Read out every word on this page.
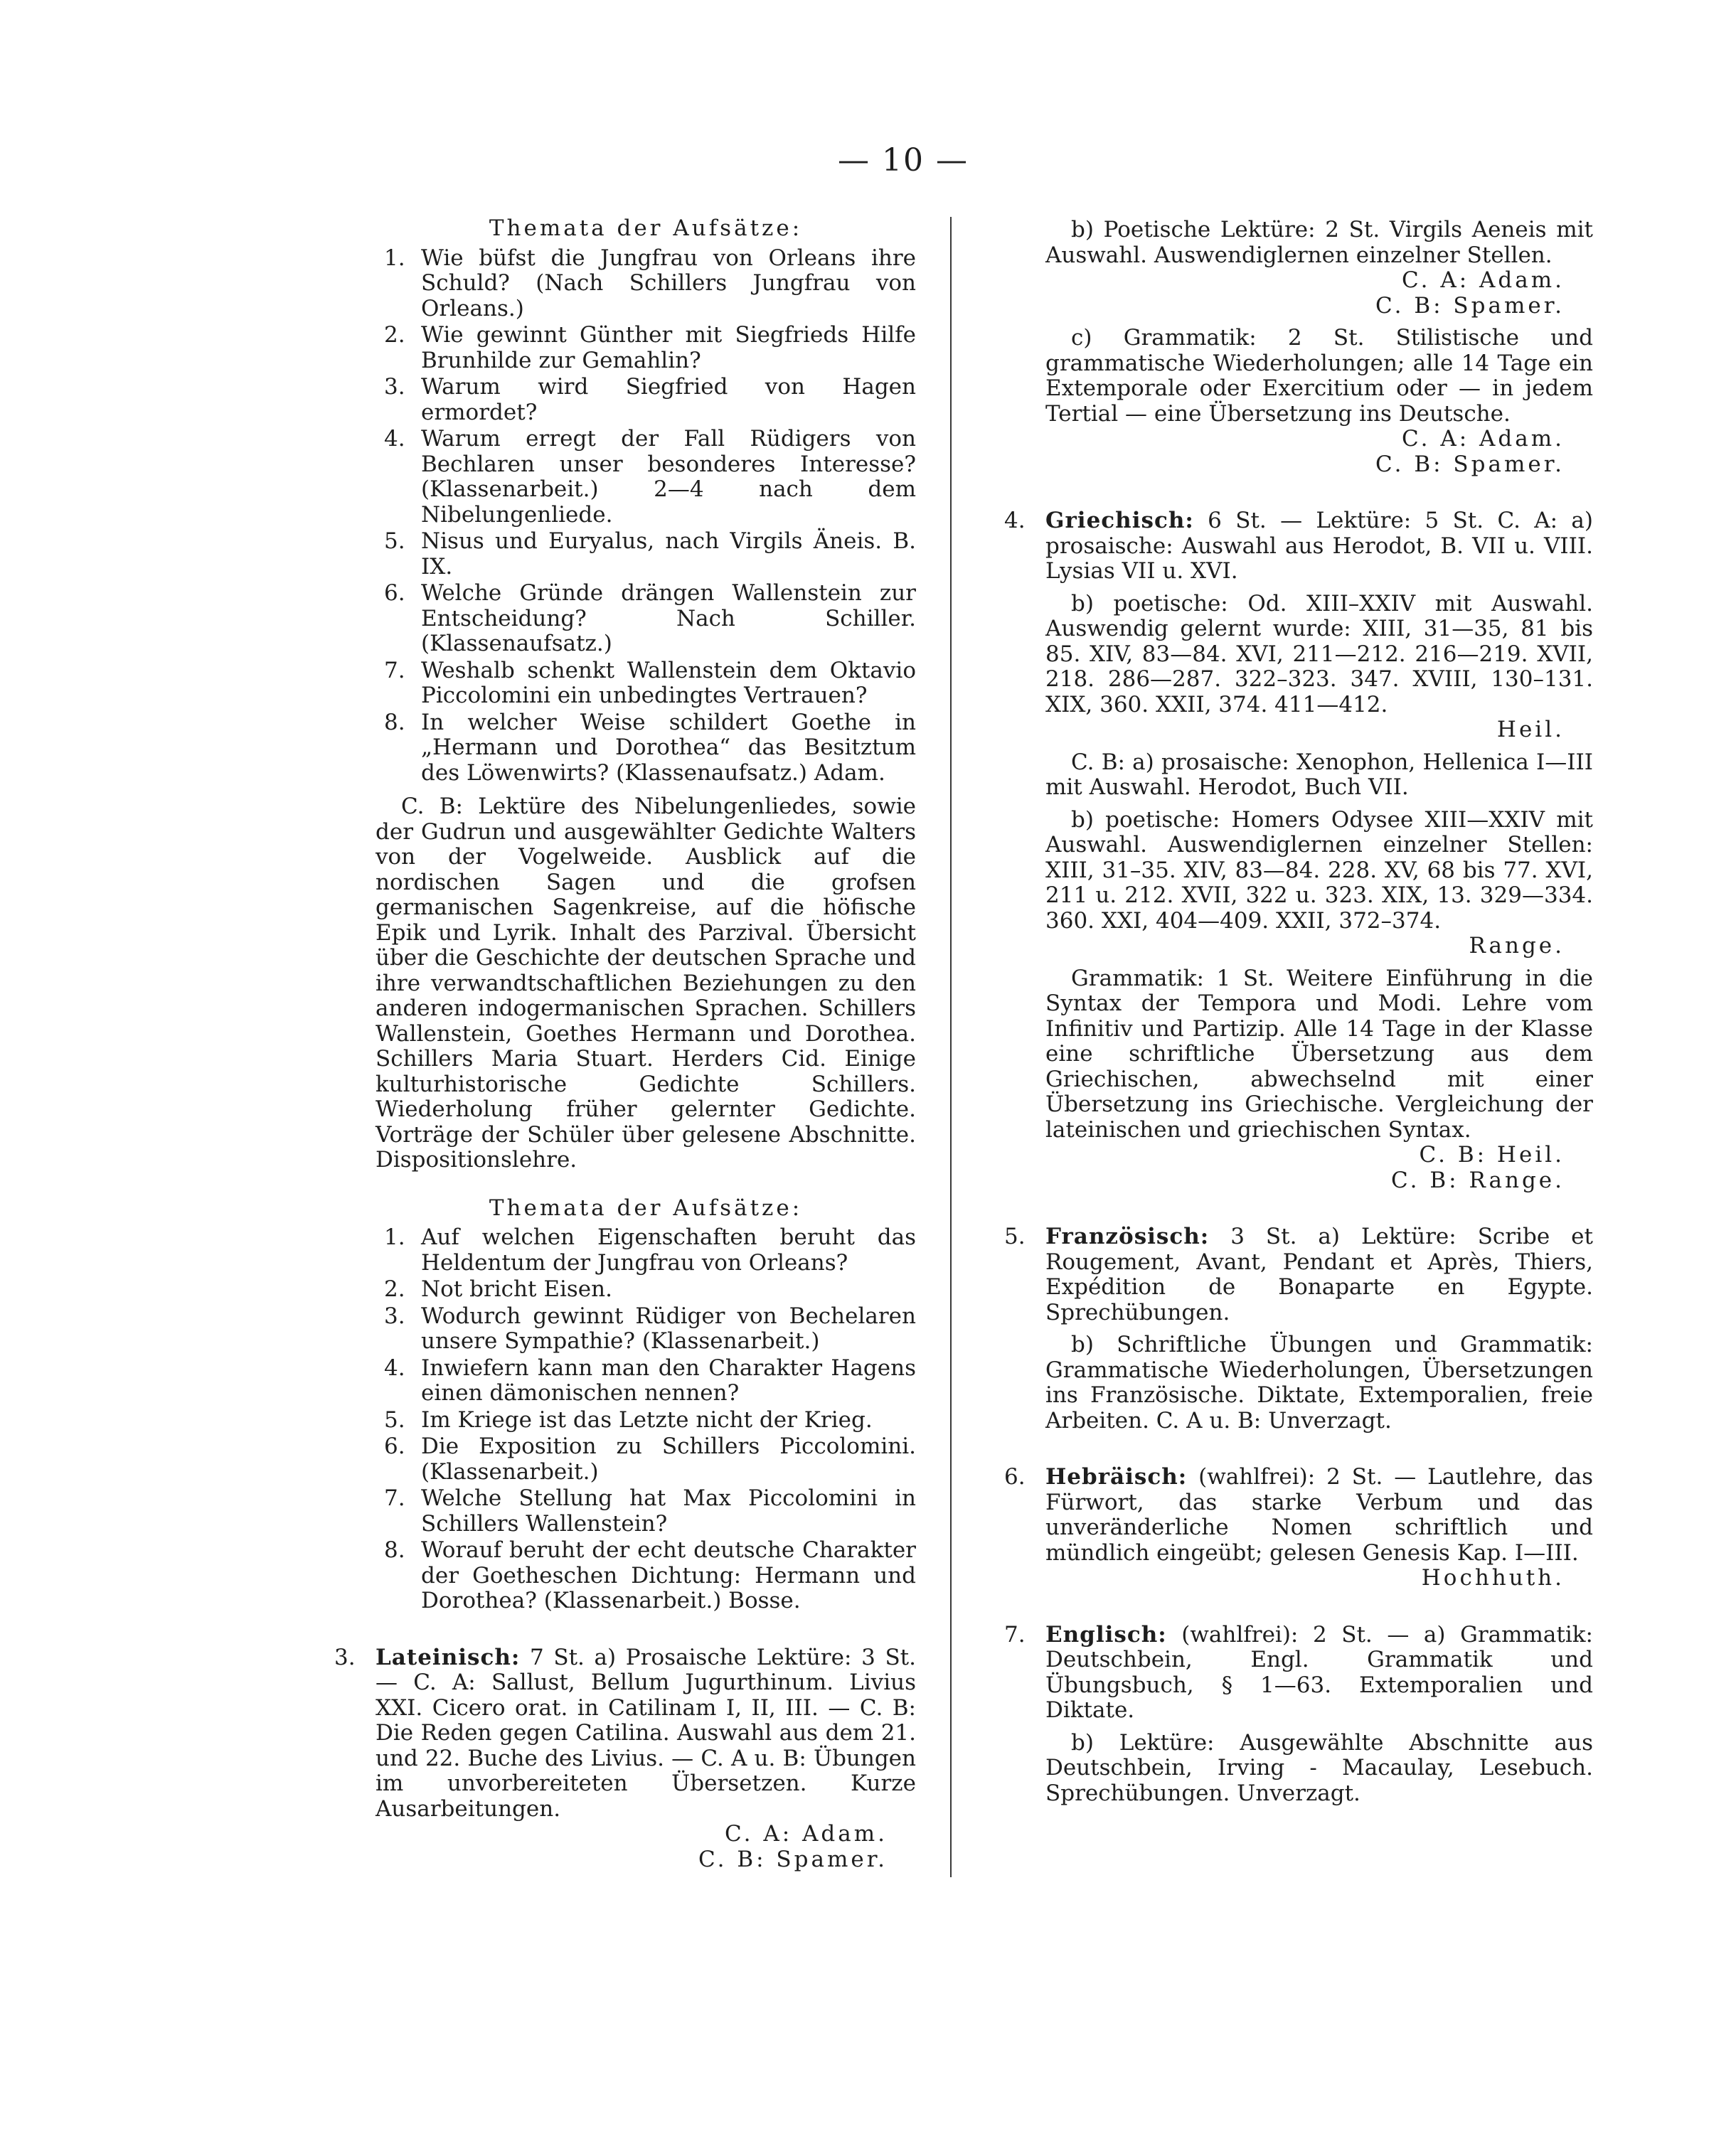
— 10 —
Themata der Aufsätze:
1. Wie büfst die Jungfrau von Orleans ihre Schuld? (Nach Schillers Jungfrau von Orleans.)
2. Wie gewinnt Günther mit Siegfrieds Hilfe Brunhilde zur Gemahlin?
3. Warum wird Siegfried von Hagen ermordet?
4. Warum erregt der Fall Rüdigers von Bechlaren unser besonderes Interesse? (Klassenarbeit.) 2—4 nach dem Nibelungenliede.
5. Nisus und Euryalus, nach Virgils Äneis. B. IX.
6. Welche Gründe drängen Wallenstein zur Entscheidung? Nach Schiller. (Klassenaufsatz.)
7. Weshalb schenkt Wallenstein dem Oktavio Piccolomini ein unbedingtes Vertrauen?
8. In welcher Weise schildert Goethe in „Hermann und Dorothea“ das Besitztum des Löwenwirts? (Klassenaufsatz.) Adam.

C. B: Lektüre des Nibelungenliedes, sowie der Gudrun und ausgewählter Gedichte Walters von der Vogelweide. Ausblick auf die nordischen Sagen und die grofsen germanischen Sagenkreise, auf die höfische Epik und Lyrik. Inhalt des Parzival. Übersicht über die Geschichte der deutschen Sprache und ihre verwandtschaftlichen Beziehungen zu den anderen indogermanischen Sprachen. Schillers Wallenstein, Goethes Hermann und Dorothea. Schillers Maria Stuart. Herders Cid. Einige kulturhistorische Gedichte Schillers. Wiederholung früher gelernter Gedichte. Vorträge der Schüler über gelesene Abschnitte. Dispositionslehre.

Themata der Aufsätze:
1. Auf welchen Eigenschaften beruht das Heldentum der Jungfrau von Orleans?
2. Not bricht Eisen.
3. Wodurch gewinnt Rüdiger von Bechelaren unsere Sympathie? (Klassenarbeit.)
4. Inwiefern kann man den Charakter Hagens einen dämonischen nennen?
5. Im Kriege ist das Letzte nicht der Krieg.
6. Die Exposition zu Schillers Piccolomini. (Klassenarbeit.)
7. Welche Stellung hat Max Piccolomini in Schillers Wallenstein?
8. Worauf beruht der echt deutsche Charakter der Goetheschen Dichtung: Hermann und Dorothea? (Klassenarbeit.) Bosse.
3. Lateinisch: 7 St. a) Prosaische Lektüre: 3 St. — C. A: Sallust, Bellum Jugurthinum. Livius XXI. Cicero orat. in Catilinam I, II, III. — C. B: Die Reden gegen Catilina. Auswahl aus dem 21. und 22. Buche des Livius. — C. A u. B: Übungen im unvorbereiteten Übersetzen. Kurze Ausarbeitungen.
C. A: Adam.
C. B: Spamer.

b) Poetische Lektüre: 2 St. Virgils Aeneis mit Auswahl. Auswendiglernen einzelner Stellen.

C. A: Adam.
C. B: Spamer.

c) Grammatik: 2 St. Stilistische und grammatische Wiederholungen; alle 14 Tage ein Extemporale oder Exercitium oder — in jedem Tertial — eine Übersetzung ins Deutsche.

C. A: Adam.
C. B: Spamer.
4. Griechisch: 6 St. — Lektüre: 5 St. C. A: a) prosaische: Auswahl aus Herodot, B. VII u. VIII. Lysias VII u. XVI.

b) poetische: Od. XIII–XXIV mit Auswahl. Auswendig gelernt wurde: XIII, 31—35, 81 bis 85. XIV, 83—84. XVI, 211—212. 216—219. XVII, 218. 286—287. 322–323. 347. XVIII, 130–131. XIX, 360. XXII, 374. 411—412.

Heil.

C. B: a) prosaische: Xenophon, Hellenica I—III mit Auswahl. Herodot, Buch VII.

b) poetische: Homers Odysee XIII—XXIV mit Auswahl. Auswendiglernen einzelner Stellen: XIII, 31–35. XIV, 83—84. 228. XV, 68 bis 77. XVI, 211 u. 212. XVII, 322 u. 323. XIX, 13. 329—334. 360. XXI, 404—409. XXII, 372–374.

Range.

Grammatik: 1 St. Weitere Einführung in die Syntax der Tempora und Modi. Lehre vom Infinitiv und Partizip. Alle 14 Tage in der Klasse eine schriftliche Übersetzung aus dem Griechischen, abwechselnd mit einer Übersetzung ins Griechische. Vergleichung der lateinischen und griechischen Syntax.

C. B: Heil.
C. B: Range.
5. Französisch: 3 St. a) Lektüre: Scribe et Rougement, Avant, Pendant et Après, Thiers, Expédition de Bonaparte en Egypte. Sprechübungen.

b) Schriftliche Übungen und Grammatik: Grammatische Wiederholungen, Übersetzungen ins Französische. Diktate, Extemporalien, freie Arbeiten. C. A u. B: Unverzagt.

6. Hebräisch: (wahlfrei): 2 St. — Lautlehre, das Fürwort, das starke Verbum und das unveränderliche Nomen schriftlich und mündlich eingeübt; gelesen Genesis Kap. I—III.
Hochhuth.
7. Englisch: (wahlfrei): 2 St. — a) Grammatik: Deutschbein, Engl. Grammatik und Übungsbuch, § 1—63. Extemporalien und Diktate.

b) Lektüre: Ausgewählte Abschnitte aus Deutschbein, Irving - Macaulay, Lesebuch. Sprechübungen. Unverzagt.
